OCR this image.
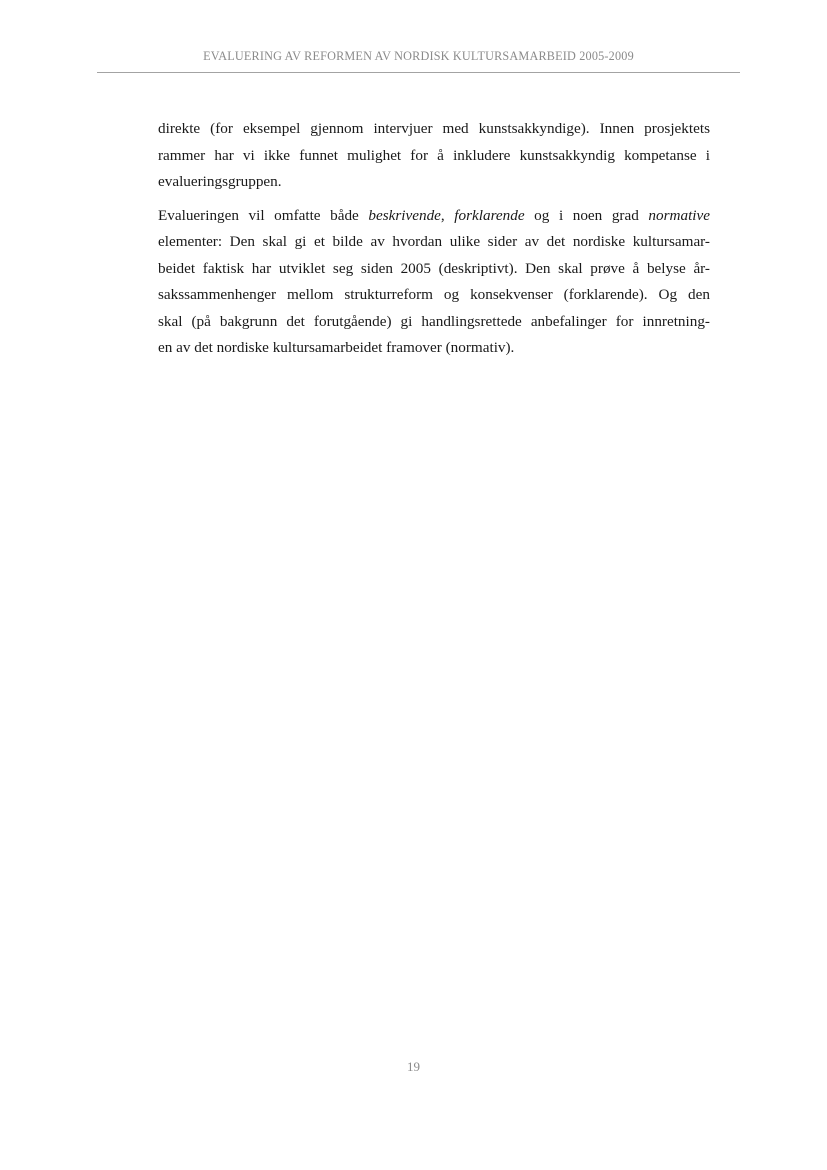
EVALUERING AV REFORMEN AV NORDISK KULTURSAMARBEID 2005-2009

direkte (for eksempel gjennom intervjuer med kunstsakkyndige). Innen prosjektets
rammer har vi ikke funnet mulighet for å inkludere kunstsakkyndig kompetanse i
evalueringsgruppen.

Evalueringen vil omfatte både beskrivende, forklarende og i noen grad normative
elementer: Den skal gi et bilde av hvordan ulike sider av det nordiske kultursamar-
beidet faktisk har utviklet seg siden 2005 (deskriptivt). Den skal prøve å belyse år-
sakssammenhenger mellom strukturreform og konsekvenser (forklarende). Og den
skal (på bakgrunn det forutgående) gi handlingsrettede anbefalinger for innretning-
en av det nordiske kultursamarbeidet framover (normativ).

19
